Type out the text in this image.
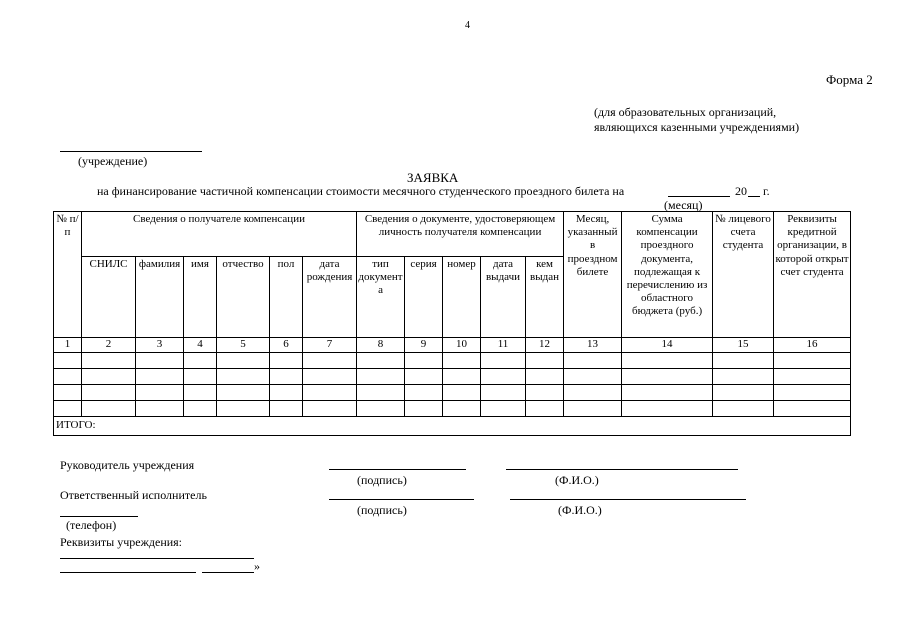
4
Форма 2
(для образовательных организаций,
являющихся казенными учреждениями)
(учреждение)
ЗАЯВКА
на финансирование частичной компенсации стоимости месячного студенческого проездного билета на	20 г.
(месяц)
№ п/п	Сведения о получателе компенсации						Сведения о документе, удостоверяющем личность получателя компенсации					Месяц, указанный в проездном билете	Сумма компенсации проездного документа, подлежащая к перечислению из областного бюджета (руб.)	№ лицевого счета студента	Реквизиты кредитной организации, в которой открыт счет студента
	СНИЛС	фамилия	имя	отчество	пол	дата рождения	тип документа	серия	номер	дата выдачи	кем выдан				
1	2	3	4	5	6	7	8	9	10	11	12	13	14	15	16

ИТОГО:															
Руководитель учреждения
(подпись)	(Ф.И.О.)
Ответственный исполнитель
(подпись)	(Ф.И.О.)
(телефон)
Реквизиты учреждения:
»
